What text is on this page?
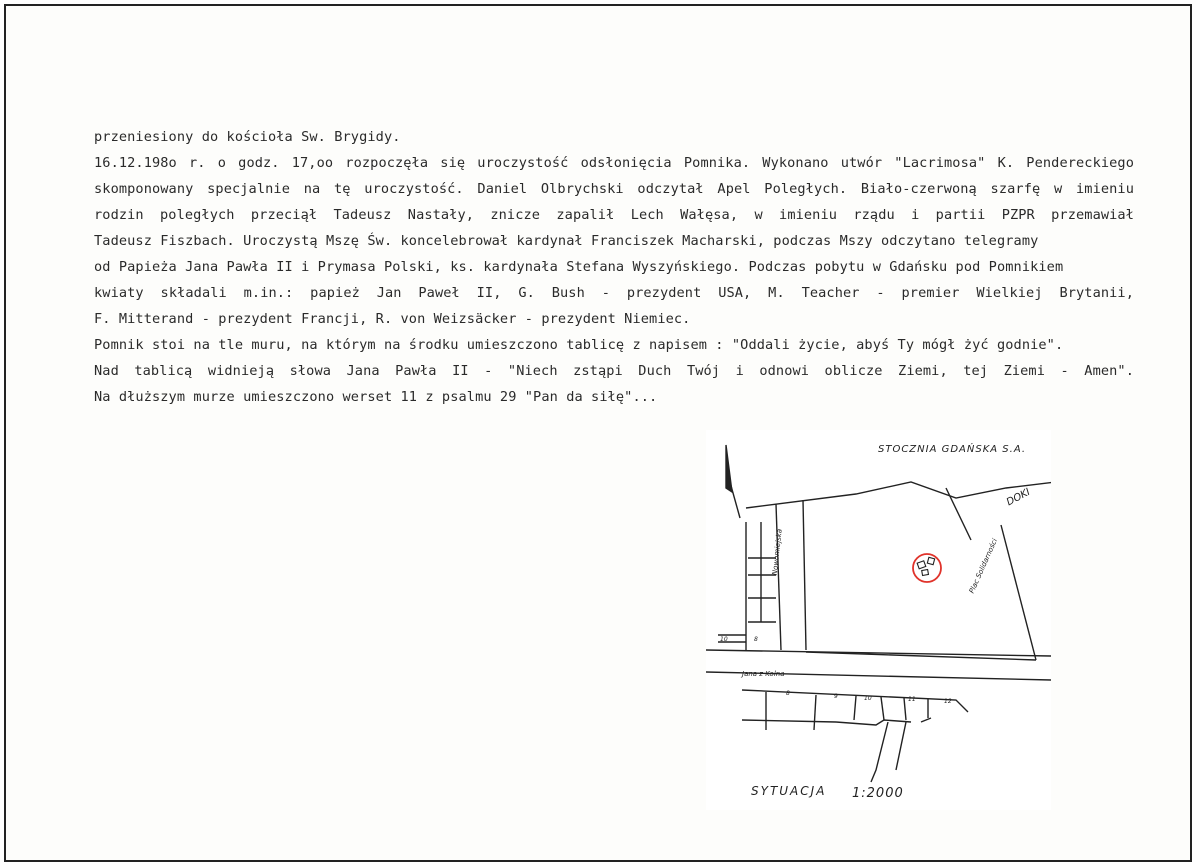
przeniesiony do kościoła Sw. Brygidy.
16.12.198o r. o godz. 17,oo rozpoczęła się uroczystość odsłonięcia Pomnika. Wykonano utwór "Lacrimosa" K. Pendereckiego
skomponowany specjalnie na tę uroczystość. Daniel Olbrychski odczytał Apel Poległych. Biało-czerwoną szarfę w imieniu
rodzin poległych przeciął Tadeusz Nastały, znicze zapalił Lech Wałęsa, w imieniu rządu i partii PZPR przemawiał
Tadeusz Fiszbach. Uroczystą Mszę Św. koncelebrował kardynał Franciszek Macharski, podczas Mszy odczytano telegramy
od Papieża Jana Pawła II i Prymasa Polski, ks. kardynała Stefana Wyszyńskiego. Podczas pobytu w Gdańsku pod Pomnikiem
kwiaty składali m.in.: papież Jan Paweł II, G. Bush - prezydent USA, M. Teacher - premier Wielkiej Brytanii,
F. Mitterand - prezydent Francji, R. von Weizsäcker - prezydent Niemiec.
Pomnik stoi na tle muru, na którym na środku umieszczono tablicę z napisem : "Oddali życie, abyś Ty mógł żyć godnie".
Nad tablicą widnieją słowa Jana Pawła II - "Niech zstąpi Duch Twój i odnowi oblicze Ziemi, tej Ziemi - Amen".
Na dłuższym murze umieszczono werset 11 z psalmu 29 "Pan da siłę"...
STOCZNIA GDAŃSKA S.A.
DOKI
Nowomiejska	Plac Solidarności
Jana z Kolna
10	8
8	9	10	11	12
SYTUACJA 1:2000
